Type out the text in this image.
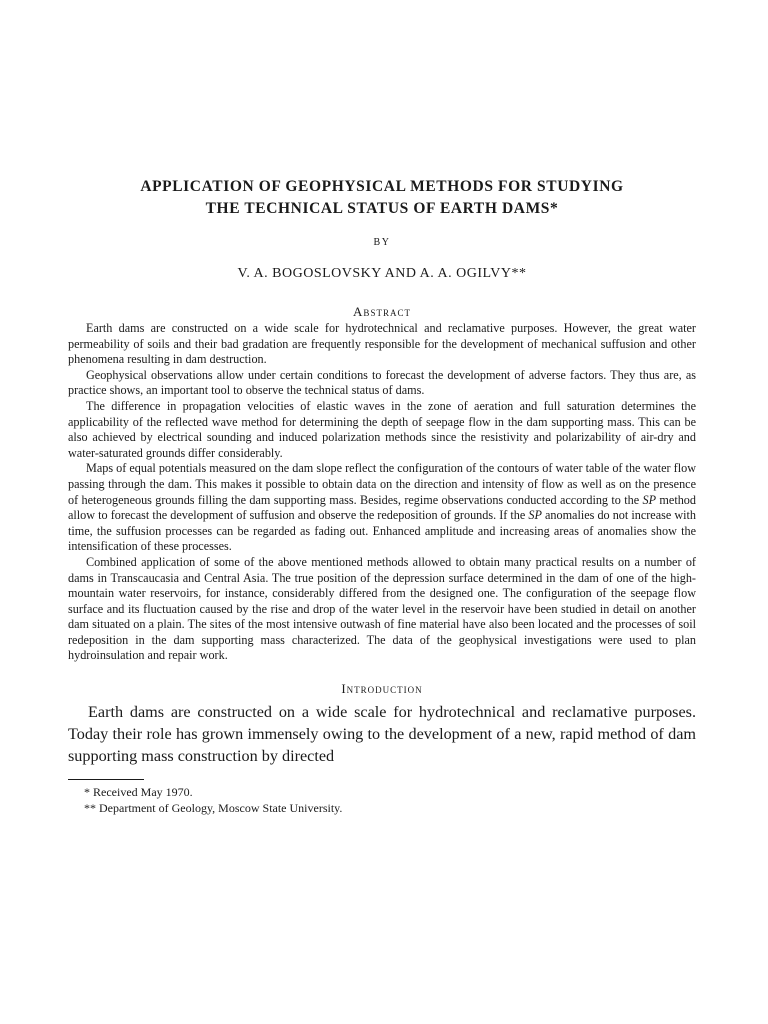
APPLICATION OF GEOPHYSICAL METHODS FOR STUDYING
THE TECHNICAL STATUS OF EARTH DAMS*
BY
V. A. BOGOSLOVSKY AND A. A. OGILVY**
Abstract

Earth dams are constructed on a wide scale for hydrotechnical and reclamative purposes. However, the great water permeability of soils and their bad gradation are frequently responsible for the development of mechanical suffusion and other phenomena resulting in dam destruction.

Geophysical observations allow under certain conditions to forecast the development of adverse factors. They thus are, as practice shows, an important tool to observe the technical status of dams.

The difference in propagation velocities of elastic waves in the zone of aeration and full saturation determines the applicability of the reflected wave method for determining the depth of seepage flow in the dam supporting mass. This can be also achieved by electrical sounding and induced polarization methods since the resistivity and polarizability of air-dry and water-saturated grounds differ considerably.

Maps of equal potentials measured on the dam slope reflect the configuration of the contours of water table of the water flow passing through the dam. This makes it possible to obtain data on the direction and intensity of flow as well as on the presence of heterogeneous grounds filling the dam supporting mass. Besides, regime observations conducted according to the SP method allow to forecast the development of suffusion and observe the redeposition of grounds. If the SP anomalies do not increase with time, the suffusion processes can be regarded as fading out. Enhanced amplitude and increasing areas of anomalies show the intensification of these processes.

Combined application of some of the above mentioned methods allowed to obtain many practical results on a number of dams in Transcaucasia and Central Asia. The true position of the depression surface determined in the dam of one of the high-mountain water reservoirs, for instance, considerably differed from the designed one. The configuration of the seepage flow surface and its fluctuation caused by the rise and drop of the water level in the reservoir have been studied in detail on another dam situated on a plain. The sites of the most intensive outwash of fine material have also been located and the processes of soil redeposition in the dam supporting mass characterized. The data of the geophysical investigations were used to plan hydroinsulation and repair work.

Introduction

Earth dams are constructed on a wide scale for hydrotechnical and reclamative purposes. Today their role has grown immensely owing to the development of a new, rapid method of dam supporting mass construction by directed

* Received May 1970.

** Department of Geology, Moscow State University.
